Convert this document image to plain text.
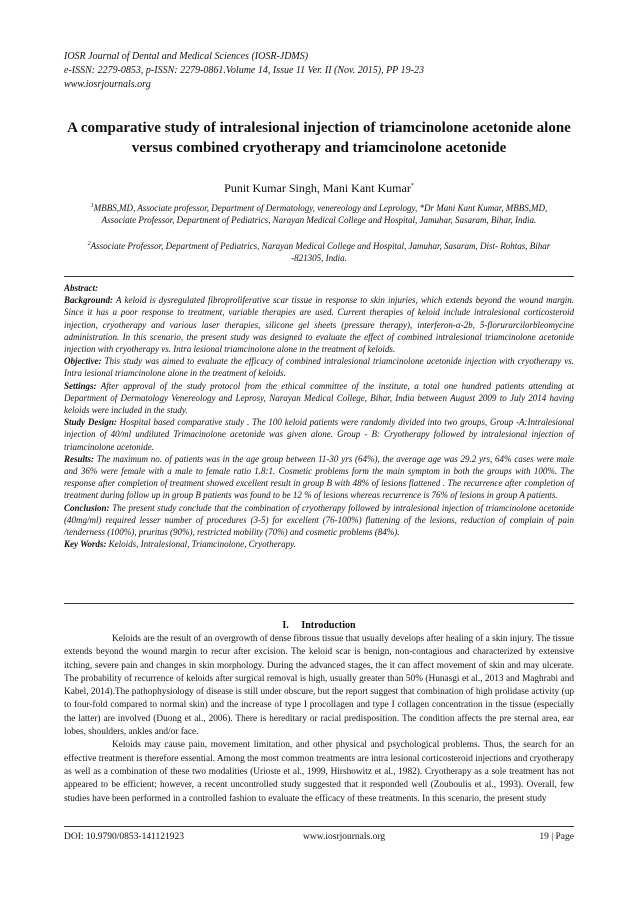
IOSR Journal of Dental and Medical Sciences (IOSR-JDMS)
e-ISSN: 2279-0853, p-ISSN: 2279-0861.Volume 14, Issue 11 Ver. II (Nov. 2015), PP 19-23
www.iosrjournals.org
A comparative study of intralesional injection of triamcinolone acetonide alone versus combined cryotherapy and triamcinolone acetonide
Punit Kumar Singh, Mani Kant Kumar*
$^1$MBBS,MD, Associate professor, Department of Dermatology, venereology and Leprology, *Dr Mani Kant Kumar, MBBS,MD, Associate Professor, Department of Pediatrics, Narayan Medical College and Hospital, Jamuhar, Sasaram, Bihar, India.
$^2$Associate Professor, Department of Pediatrics, Narayan Medical College and Hospital, Jamuhar, Sasaram, Dist- Rohtas, Bihar -821305, India.

Abstract:

Background: A keloid is dysregulated fibroproliferative scar tissue in response to skin injuries, which extends beyond the wound margin. Since it has a poor response to treatment, variable therapies are used. Current therapies of keloid include intralesional corticosteroid injection, cryotherapy and various laser therapies, silicone gel sheets (pressure therapy), interferon-α-2b, 5-florurarcilorbleomycine administration. In this scenario, the present study was designed to evaluate the effect of combined intralesional triamcinolone acetonide injection with cryotherapy vs. Intra lesional triamcinolone alone in the treatment of keloids.

Objective: This study was aimed to evaluate the efficacy of combined intralesional triamcinolone acetonide injection with cryotherapy vs. Intra lesional triamcinolone alone in the treatment of keloids.

Settings: After approval of the study protocol from the ethical committee of the institute, a total one hundred patients attending at Department of Dermatology Venereology and Leprosy, Narayan Medical College, Bihar, India between August 2009 to July 2014 having keloids were included in the study.

Study Design: Hospital based comparative study . The 100 keloid patients were randomly divided into two groups, Group -A:Intralesional injection of 40/ml undiluted Trimacinolone acetonide was given alone. Group - B: Cryotherapy followed by intralesional injection of triamcinolone acetonide.

Results: The maximum no. of patients was in the age group between 11-30 yrs (64%), the average age was 29.2 yrs, 64% cases were male and 36% were female with a male to female ratio 1.8:1. Cosmetic problems form the main symptom in both the groups with 100%. The response after completion of treatment showed excellent result in group B with 48% of lesions flattened . The recurrence after completion of treatment during follow up in group B patients was found to be 12 % of lesions whereas recurrence is 76% of lesions in group A patients.

Conclusion: The present study conclude that the combination of cryotherapy followed by intralesional injection of triamcinolone acetonide (40mg/ml) required lesser number of procedures (3-5) for excellent (76-100%) flattening of the lesions, reduction of complain of pain /tenderness (100%), pruritus (90%), restricted mobility (70%) and cosmetic problems (84%).

Key Words: Keloids, Intralesional, Triamcinolone, Cryotherapy.

I. Introduction

Keloids are the result of an overgrowth of dense fibrous tissue that usually develops after healing of a skin injury. The tissue extends beyond the wound margin to recur after excision. The keloid scar is benign, non-contagious and characterized by extensive itching, severe pain and changes in skin morphology. During the advanced stages, the it can affect movement of skin and may ulcerate. The probability of recurrence of keloids after surgical removal is high, usually greater than 50% (Hunasgi et al., 2013 and Maghrabi and Kabel, 2014).The pathophysiology of disease is still under obscure, but the report suggest that combination of high prolidase activity (up to four-fold compared to normal skin) and the increase of type I procollagen and type I collagen concentration in the tissue (especially the latter) are involved (Duong et al., 2006). There is hereditary or racial predisposition. The condition affects the pre sternal area, ear lobes, shoulders, ankles and/or face.

Keloids may cause pain, movement limitation, and other physical and psychological problems. Thus, the search for an effective treatment is therefore essential. Among the most common treatments are intra lesional corticosteroid injections and cryotherapy as well as a combination of these two modalities (Urioste et al., 1999, Hirshowitz et al., 1982). Cryotherapy as a sole treatment has not appeared to be efficient; however, a recent uncontrolled study suggested that it responded well (Zouboulis et al., 1993). Overall, few studies have been performed in a controlled fashion to evaluate the efficacy of these treatments. In this scenario, the present study

DOI: 10.9790/0853-141121923	www.iosrjournals.org	19 | Page
